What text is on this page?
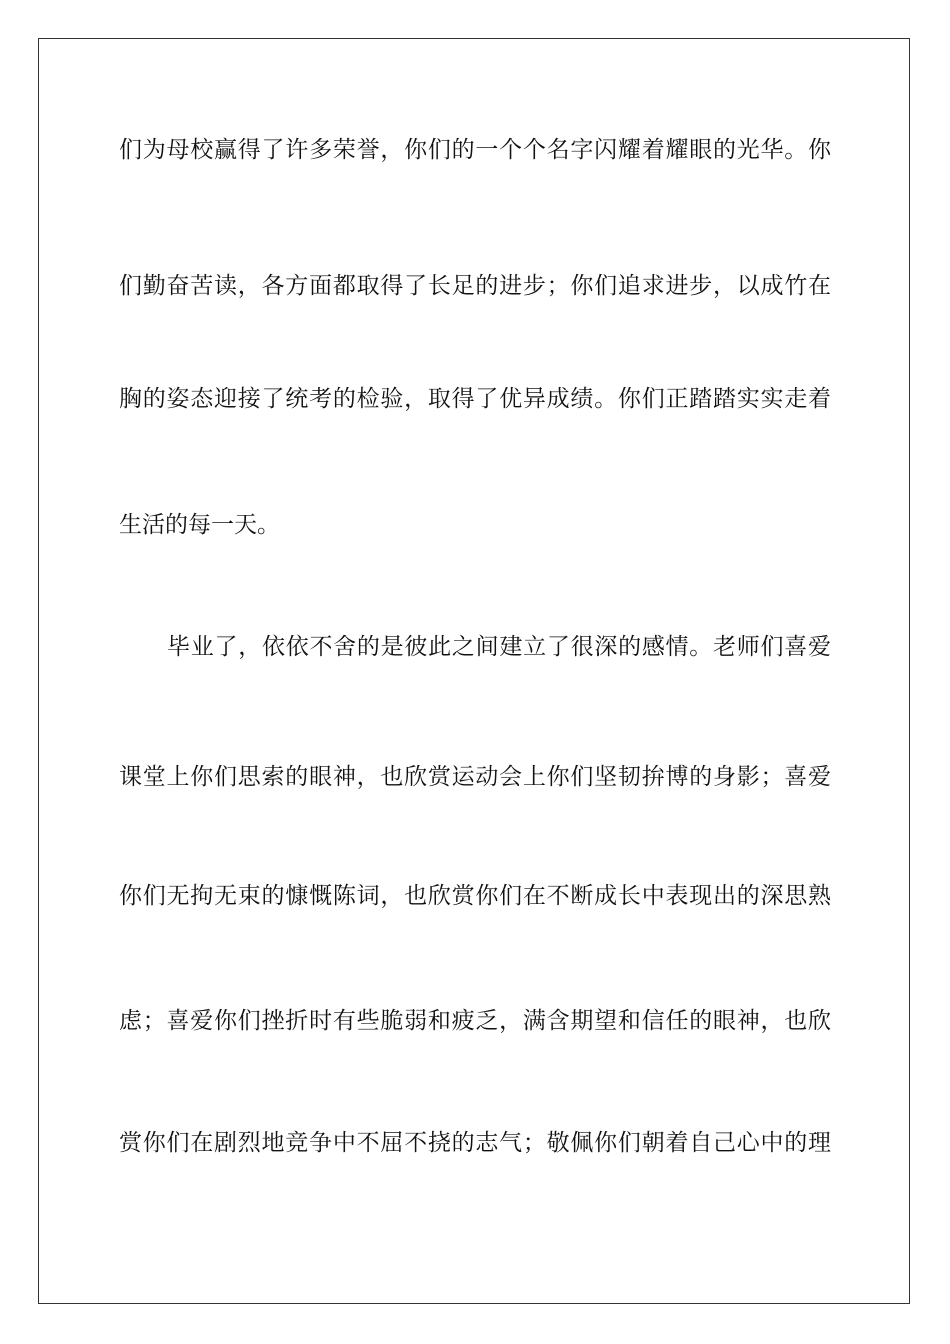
们为母校赢得了许多荣誉，你们的一个个名字闪耀着耀眼的光华。你
们勤奋苦读，各方面都取得了长足的进步；你们追求进步，以成竹在
胸的姿态迎接了统考的检验，取得了优异成绩。你们正踏踏实实走着
生活的每一天。
毕业了，依依不舍的是彼此之间建立了很深的感情。老师们喜爱
课堂上你们思索的眼神，也欣赏运动会上你们坚韧拚博的身影；喜爱
你们无拘无束的慷慨陈词，也欣赏你们在不断成长中表现出的深思熟
虑；喜爱你们挫折时有些脆弱和疲乏，满含期望和信任的眼神，也欣
赏你们在剧烈地竞争中不屈不挠的志气；敬佩你们朝着自己心中的理
